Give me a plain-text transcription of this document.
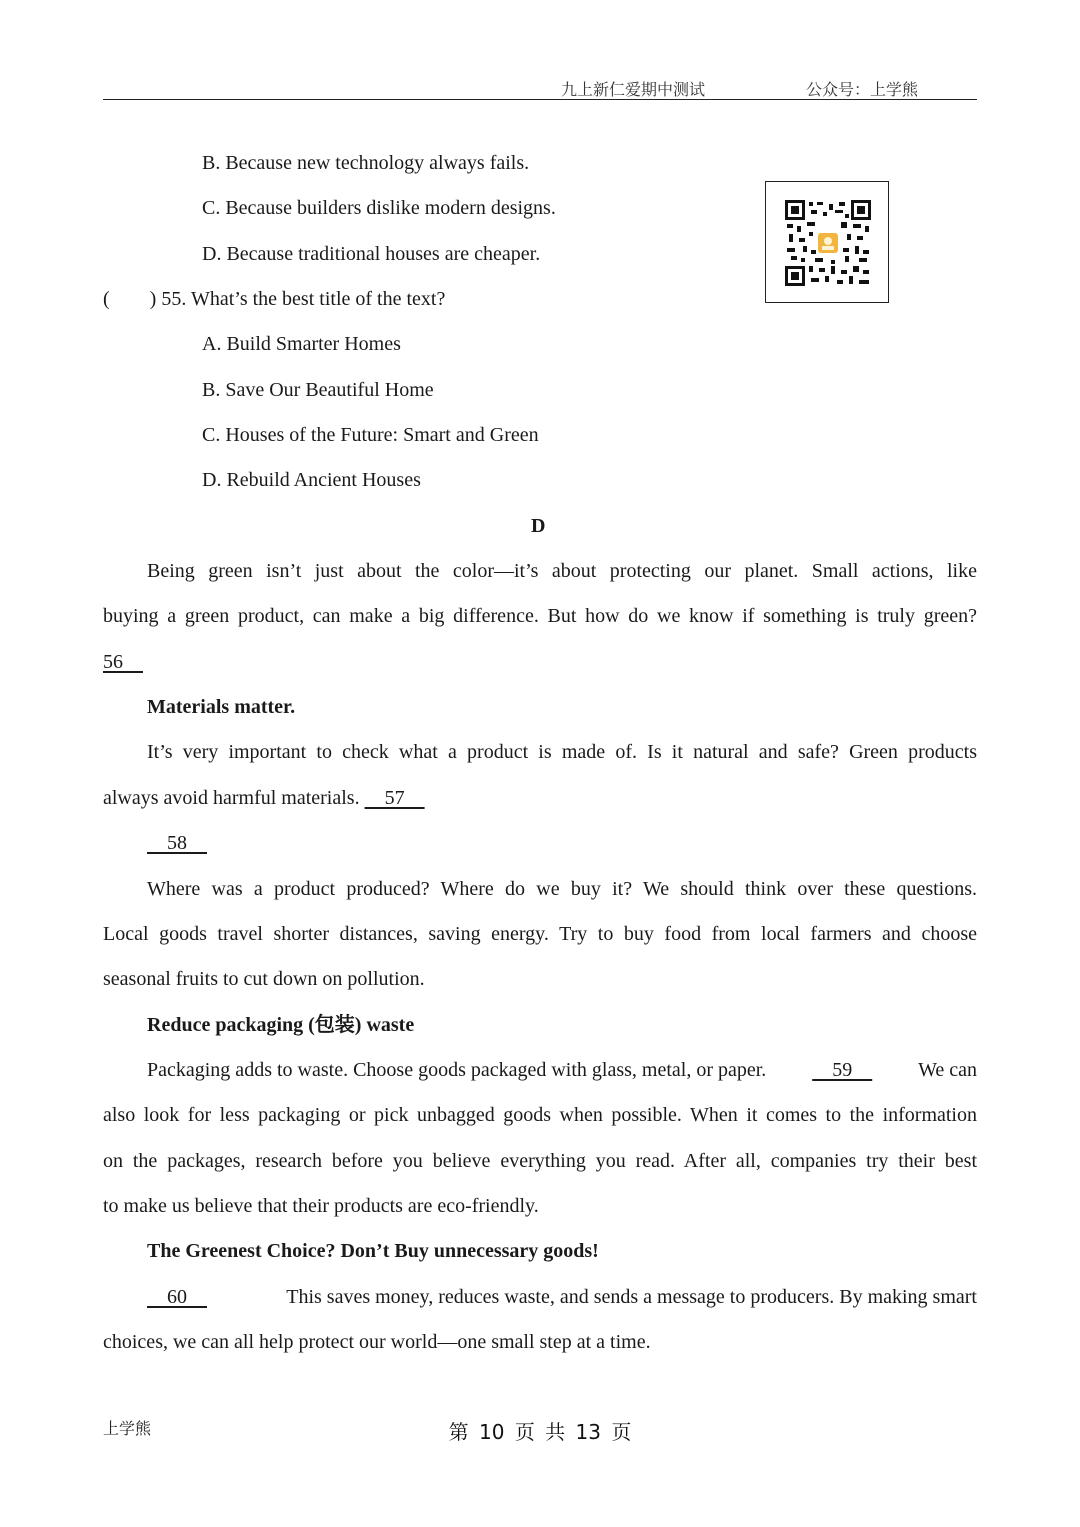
九上新仁爱期中测试	公众号：上学熊
B. Because new technology always fails.
C. Because builders dislike modern designs.
D. Because traditional houses are cheaper.
(        ) 55. What’s the best title of the text?
A. Build Smarter Homes
B. Save Our Beautiful Home
C. Houses of the Future: Smart and Green
D. Rebuild Ancient Houses
D
Being green isn’t just about the color—it’s about protecting our planet. Small actions, like
buying a green product, can make a big difference. But how do we know if something is truly green?
56
Materials matter.
It’s very important to check what a product is made of. Is it natural and safe? Green products
always avoid harmful materials.     57
58
Where was a product produced? Where do we buy it? We should think over these questions.
Local goods travel shorter distances, saving energy. Try to buy food from local farmers and choose
seasonal fruits to cut down on pollution.
Reduce packaging (包装) waste
Packaging adds to waste. Choose goods packaged with glass, metal, or paper. 59 We can
also look for less packaging or pick unbagged goods when possible. When it comes to the information
on the packages, research before you believe everything you read. After all, companies try their best
to make us believe that their products are eco-friendly.
The Greenest Choice? Don’t Buy unnecessary goods!
60	This saves money, reduces waste, and sends a message to producers. By making smart
choices, we can all help protect our world—one small step at a time.
上学熊	第 10 页 共 13 页
